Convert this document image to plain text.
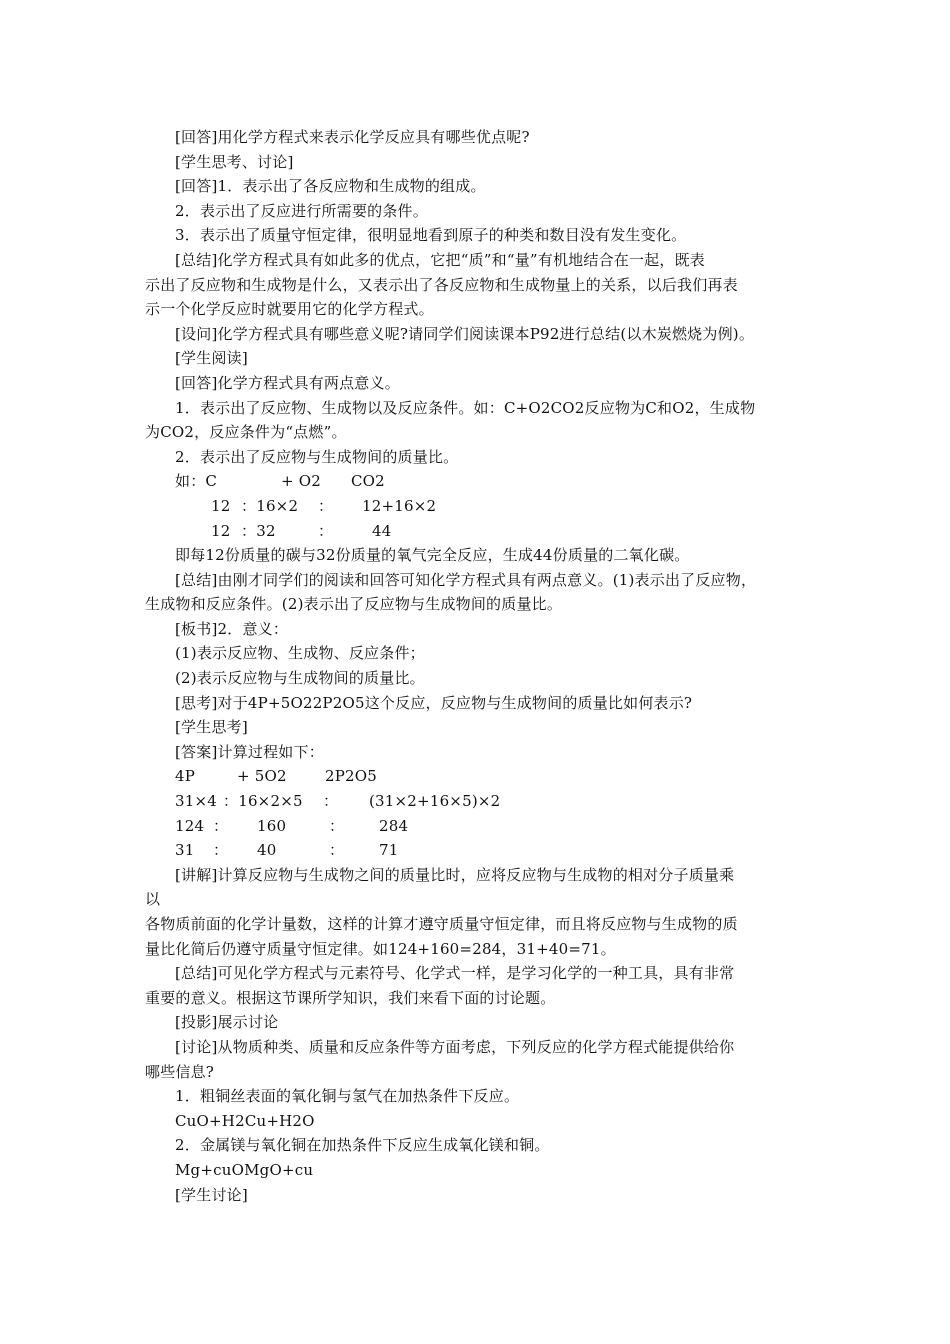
[回答]用化学方程式来表示化学反应具有哪些优点呢?
[学生思考、讨论]
[回答]1．表示出了各反应物和生成物的组成。
2．表示出了反应进行所需要的条件。
3．表示出了质量守恒定律，很明显地看到原子的种类和数目没有发生变化。
[总结]化学方程式具有如此多的优点，它把“质”和“量”有机地结合在一起，既表
示出了反应物和生成物是什么，又表示出了各反应物和生成物量上的关系，以后我们再表
示一个化学反应时就要用它的化学方程式。
[设问]化学方程式具有哪些意义呢?请同学们阅读课本P92进行总结(以木炭燃烧为例)。
[学生阅读]
[回答]化学方程式具有两点意义。
1．表示出了反应物、生成物以及反应条件。如：C+O2CO2反应物为C和O2，生成物
为CO2，反应条件为“点燃”。
2．表示出了反应物与生成物间的质量比。
如：C	+ O2 CO2
12 ：16×2 ： 12+16×2
12 ：32	：	44
即每12份质量的碳与32份质量的氧气完全反应，生成44份质量的二氧化碳。
[总结]由刚才同学们的阅读和回答可知化学方程式具有两点意义。(1)表示出了反应物，
生成物和反应条件。(2)表示出了反应物与生成物间的质量比。
[板书]2．意义：
(1)表示反应物、生成物、反应条件；
(2)表示反应物与生成物间的质量比。
[思考]对于4P+5O22P2O5这个反应，反应物与生成物间的质量比如何表示?
[学生思考]
[答案]计算过程如下：
4P	+ 5O2	2P2O5
31×4 ：16×2×5 ： (31×2+16×5)×2
124 ： 160	： 284
31 ： 40	： 71
[讲解]计算反应物与生成物之间的质量比时，应将反应物与生成物的相对分子质量乘
以
各物质前面的化学计量数，这样的计算才遵守质量守恒定律，而且将反应物与生成物的质
量比化简后仍遵守质量守恒定律。如124+160=284，31+40=71。
[总结]可见化学方程式与元素符号、化学式一样，是学习化学的一种工具，具有非常
重要的意义。根据这节课所学知识，我们来看下面的讨论题。
[投影]展示讨论
[讨论]从物质种类、质量和反应条件等方面考虑，下列反应的化学方程式能提供给你
哪些信息?
1．粗铜丝表面的氧化铜与氢气在加热条件下反应。
CuO+H2Cu+H2O
2．金属镁与氧化铜在加热条件下反应生成氧化镁和铜。
Mg+cuOMgO+cu
[学生讨论]
